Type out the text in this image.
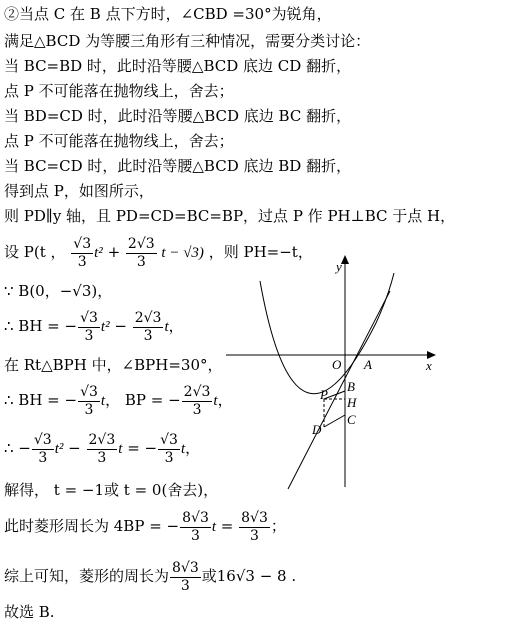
②当点 C 在 B 点下方时，∠CBD =30°为锐角，
满足△BCD 为等腰三角形有三种情况，需要分类讨论：
当 BC=BD 时，此时沿等腰△BCD 底边 CD 翻折，
点 P 不可能落在抛物线上，舍去；
当 BD=CD 时，此时沿等腰△BCD 底边 BC 翻折，
点 P 不可能落在抛物线上，舍去；
当 BC=CD 时，此时沿等腰△BCD 底边 BD 翻折，
得到点 P，如图所示，
则 PD∥y 轴，且 PD=CD=BC=BP，过点 P 作 PH⊥BC 于点 H，
设 P(t ， $\frac{√3}{3} t^2 + \frac{2√3}{3}$ t − √3) ，则 PH=−t，
∵ B(0，−√3)，
∴ BH = − $\frac{√3}{3} t^2 - \frac{2√3}{3}$ t，
在 Rt△BPH 中，∠BPH=30°，
∴ BH = − $\frac{√3}{3}$ t， BP = − $\frac{2√3}{3}$ t，
∴ − $\frac{√3}{3} t^2 - \frac{2√3}{3}$ t = − $\frac{√3}{3}$ t，
解得， t = −1或 t = 0(舍去)，
此时菱形周长为 4BP = − $\frac{8√3}{3}$ $t = \frac{8√3}{3}$ ；
综上可知，菱形的周长为 $\frac{8√3}{3}$ 或16√3 − 8 .
故选 B.
y
x
O A
B
P
H
D
C
